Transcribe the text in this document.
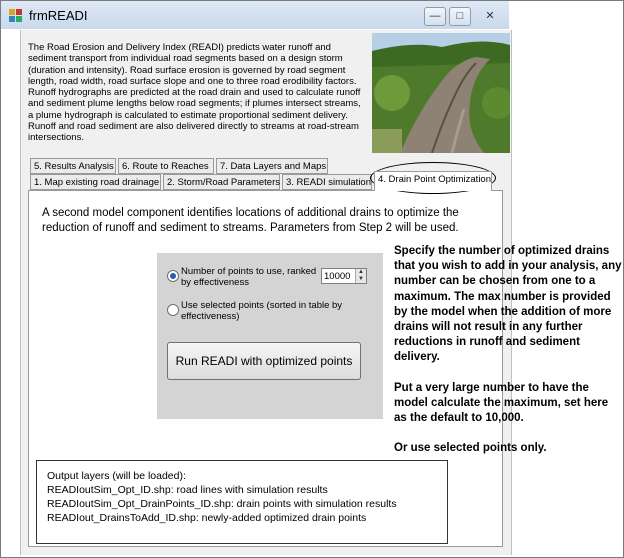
frmREADI	—	□	✕
The Road Erosion and Delivery Index (READI) predicts water runoff and sediment transport from individual road segments based on a design storm (duration and intensity). Road surface erosion is governed by road segment length, road width, road surface slope and one to three road erodibility factors. Runoff hydrographs are predicted at the road drain and used to calculate runoff and sediment plume lengths below road segments; if plumes intersect streams, a plume hydrograph is calculated to estimate proportional sediment delivery. Runoff and road sediment are also delivered directly to streams at road-stream intersections.
5. Results Analysis 6. Route to Reaches	7. Data Layers and Maps
1. Map existing road drainage 2. Storm/Road Parameters 3. READI simulation 4. Drain Point Optimization
A second model component identifies locations of additional drains to optimize the reduction of runoff and sediment to streams. Parameters from Step 2 will be used.
Number of points to use, ranked by effectiveness
10000
▲
▼
Use selected points (sorted in table by effectiveness)
Run READI with optimized points
Output layers (will be loaded):
READIoutSim_Opt_ID.shp: road lines with simulation results
READIoutSim_Opt_DrainPoints_ID.shp: drain points with simulation results
READIout_DrainsToAdd_ID.shp: newly-added optimized drain points

Specify the number of optimized drains that you wish to add in your analysis, any number can be chosen from one to a maximum. The max number is provided by the model when the addition of more drains will not result in any further reductions in runoff and sediment delivery.

Put a very large number to have the model calculate the maximum, set here as the default to 10,000.

Or use selected points only.
